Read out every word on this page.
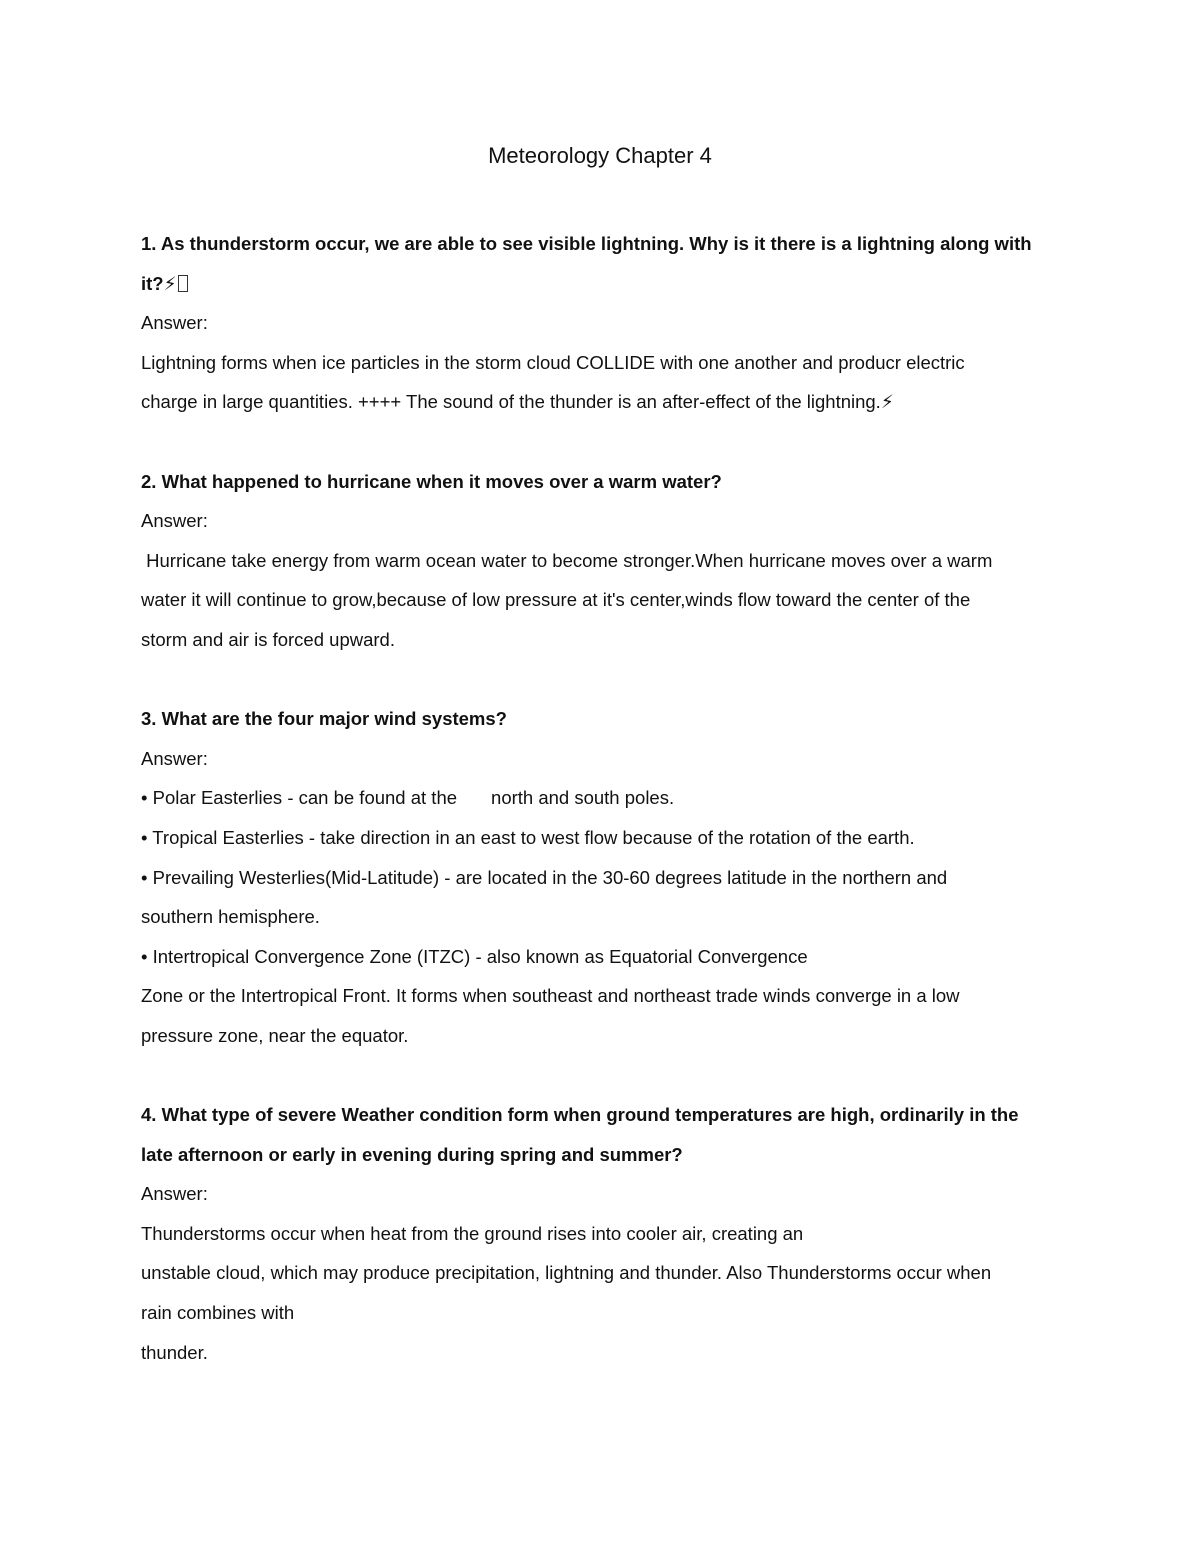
Meteorology Chapter 4
1. As thunderstorm occur, we are able to see visible lightning. Why is it there is a lightning along with
it?⚡
Answer:
Lightning forms when ice particles in the storm cloud COLLIDE with one another and producr electric
charge in large quantities. ++++ The sound of the thunder is an after-effect of the lightning.⚡
2. What happened to hurricane when it moves over a warm water?
Answer:
Hurricane take energy from warm ocean water to become stronger.When hurricane moves over a warm
water it will continue to grow,because of low pressure at it's center,winds flow toward the center of the
storm and air is forced upward.
3. What are the four major wind systems?
Answer:
• Polar Easterlies - can be found at the north and south poles.
• Tropical Easterlies - take direction in an east to west flow because of the rotation of the earth.
• Prevailing Westerlies(Mid-Latitude) - are located in the 30-60 degrees latitude in the northern and
southern hemisphere.
• Intertropical Convergence Zone (ITZC) - also known as Equatorial Convergence
Zone or the Intertropical Front. It forms when southeast and northeast trade winds converge in a low
pressure zone, near the equator.
4. What type of severe Weather condition form when ground temperatures are high, ordinarily in the
late afternoon or early in evening during spring and summer?
Answer:
Thunderstorms occur when heat from the ground rises into cooler air, creating an
unstable cloud, which may produce precipitation, lightning and thunder. Also Thunderstorms occur when
rain combines with
thunder.
